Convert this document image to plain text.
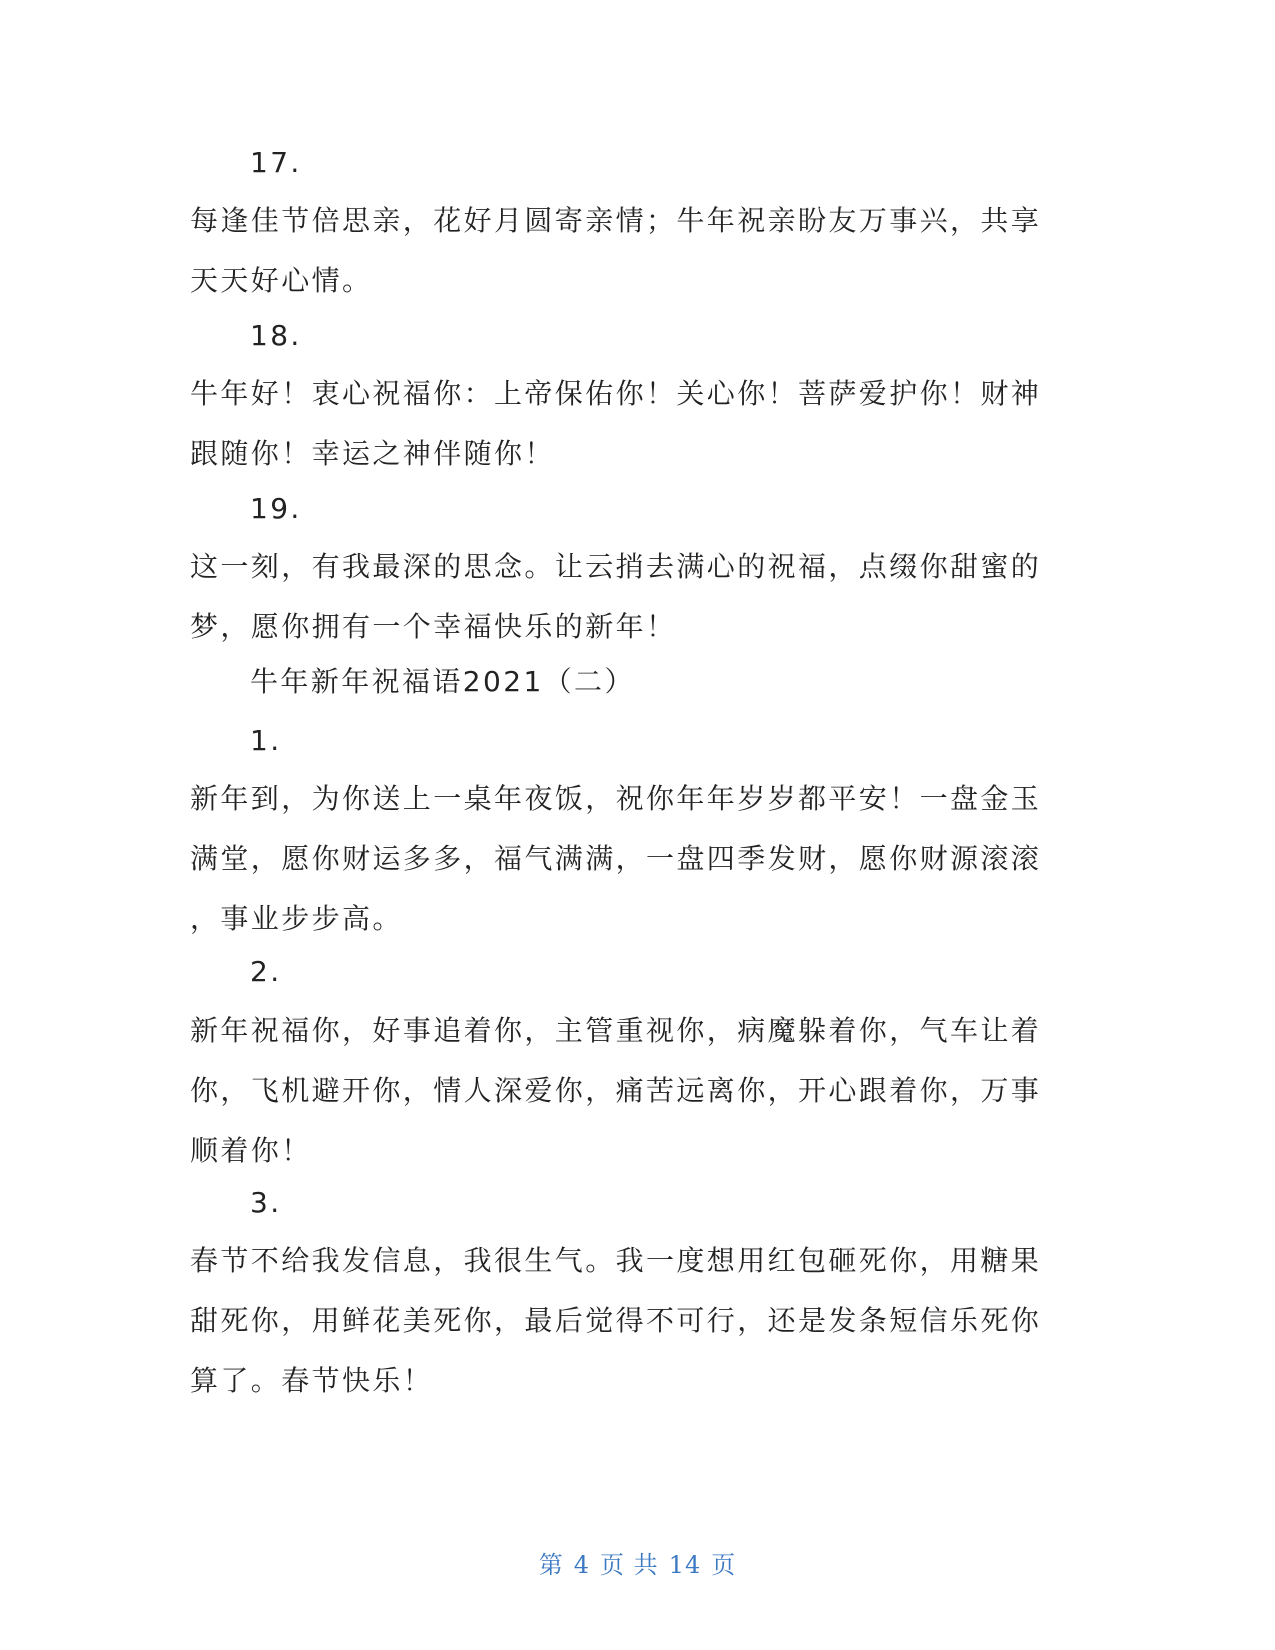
17.
每逢佳节倍思亲，花好月圆寄亲情；牛年祝亲盼友万事兴，共享
天天好心情。
18.
牛年好！衷心祝福你：上帝保佑你！关心你！菩萨爱护你！财神
跟随你！幸运之神伴随你！
19.
这一刻，有我最深的思念。让云捎去满心的祝福，点缀你甜蜜的
梦，愿你拥有一个幸福快乐的新年！
牛年新年祝福语2021（二）
1.
新年到，为你送上一桌年夜饭，祝你年年岁岁都平安！一盘金玉
满堂，愿你财运多多，福气满满，一盘四季发财，愿你财源滚滚
，事业步步高。
2.
新年祝福你，好事追着你，主管重视你，病魔躲着你，气车让着
你，飞机避开你，情人深爱你，痛苦远离你，开心跟着你，万事
顺着你！
3.
春节不给我发信息，我很生气。我一度想用红包砸死你，用糖果
甜死你，用鲜花美死你，最后觉得不可行，还是发条短信乐死你
算了。春节快乐！
第 4 页 共 14 页
